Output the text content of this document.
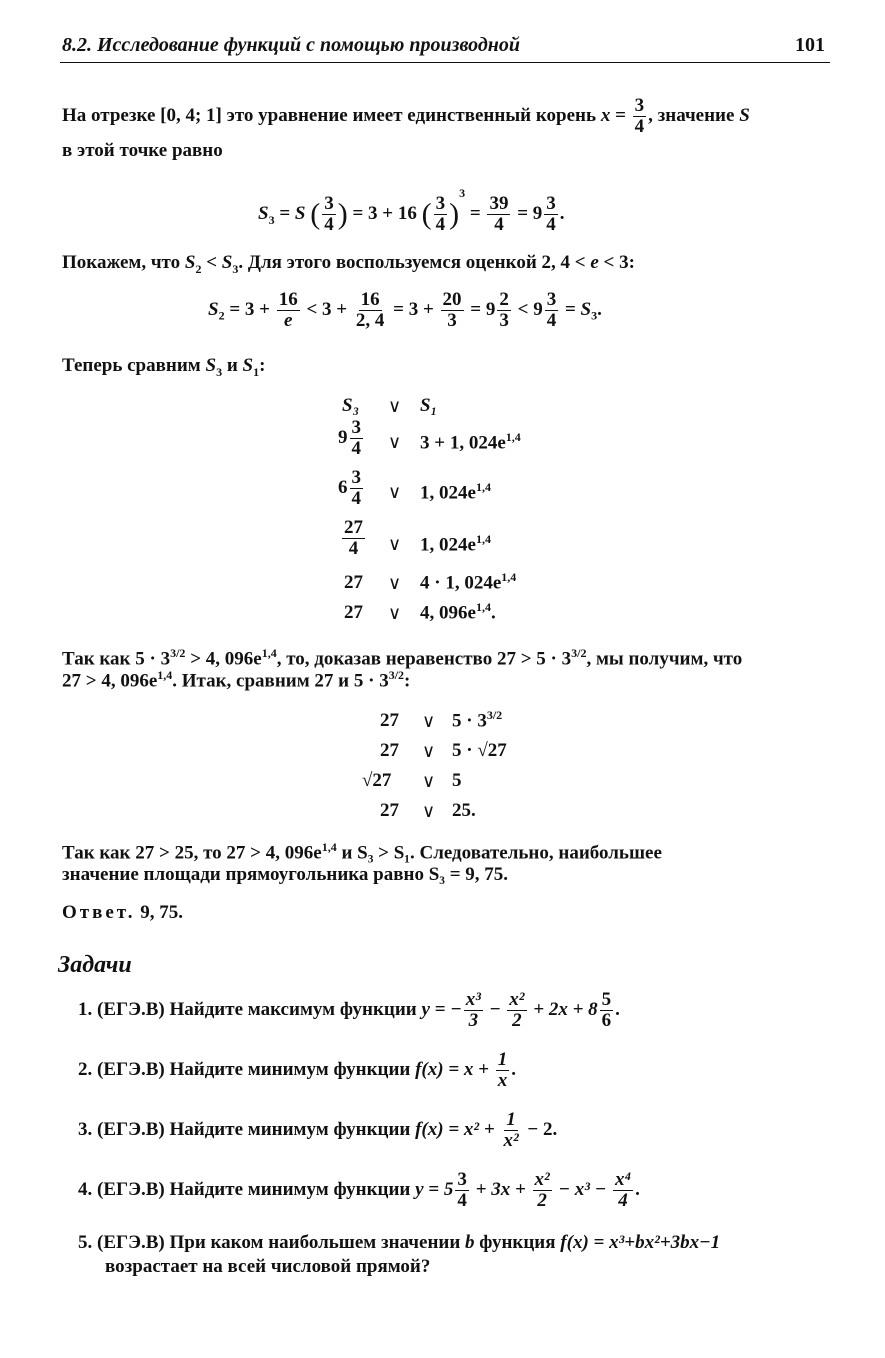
8.2. Исследование функций с помощью производной	101
На отрезке [0, 4; 1] это уравнение имеет единственный корень $x = \frac{3}{4}$ , значение S
в этой точке равно
$S_3 = S$ ( $\frac{3}{4}$ ) = 3 + 16 ( $\frac{3}{4} )^3 = \frac{39}{4} = 9 \frac{3}{4}$ .
Покажем, что $S_2 < S_3$. Для этого воспользуемся оценкой 2, 4 < e < 3:
$S_2 = 3 + \frac{16}{e} < 3 + \frac{16}{2, 4} = 3 + \frac{20}{3} = 9 \frac{2}{3} < 9 \frac{3}{4} = S_3$.
Теперь сравним $S_3$ и $S_1$:
S₃ ∨ S₁
$9 \frac{3}{4}$ ∨ 3 + 1, $024e^{1,4}$
$6 \frac{3}{4}$ ∨ 1, $024e^{1,4}$
$\frac{27}{4}$ ∨ 1, $024e^{1,4}$
27 ∨ 4 · 1, $024e^{1,4}$
27 ∨ 4, $096e^{1,4}$.
Так как $5 \cdot 3^{3/2} > 4$, $096e^{1,4}$, то, доказав неравенство $27 > 5 \cdot 3^{3/2}$, мы получим, что
27 > 4, $096e^{1,4}$. Итак, сравним 27 и $5 \cdot 3^{3/2}$:
27 ∨ $5 \cdot 3^{3/2}$
27 ∨ 5 · √27
√27 ∨ 5
27 ∨ 25.
Так как 27 > 25, то 27 > 4, $096e^{1,4}$ и S₃ > S₁. Следовательно, наибольшее
значение площади прямоугольника равно S₃ = 9, 75.
Ответ. 9, 75.
Задачи
1. (ЕГЭ.В) Найдите максимум функции y = − $\frac{\text{x³}}{3} - \frac{\text{x²}}{2} + 2x + 8 \frac{5}{6}$ .
2. (ЕГЭ.В) Найдите минимум функции $f(x) = x + \frac{1}{x}$ .
3. (ЕГЭ.В) Найдите минимум функции $f(x) = x^2 + \frac{1}{\text{x²}} - 2$.
4. (ЕГЭ.В) Найдите минимум функции $y = 5 \frac{3}{4} + 3x + \frac{\text{x²}}{2} - x^3 - \frac{\text{x⁴}}{4}$ .
5. (ЕГЭ.В) При каком наибольшем значении b функция f(x) = x³+bx²+3bx−1
возрастает на всей числовой прямой?
